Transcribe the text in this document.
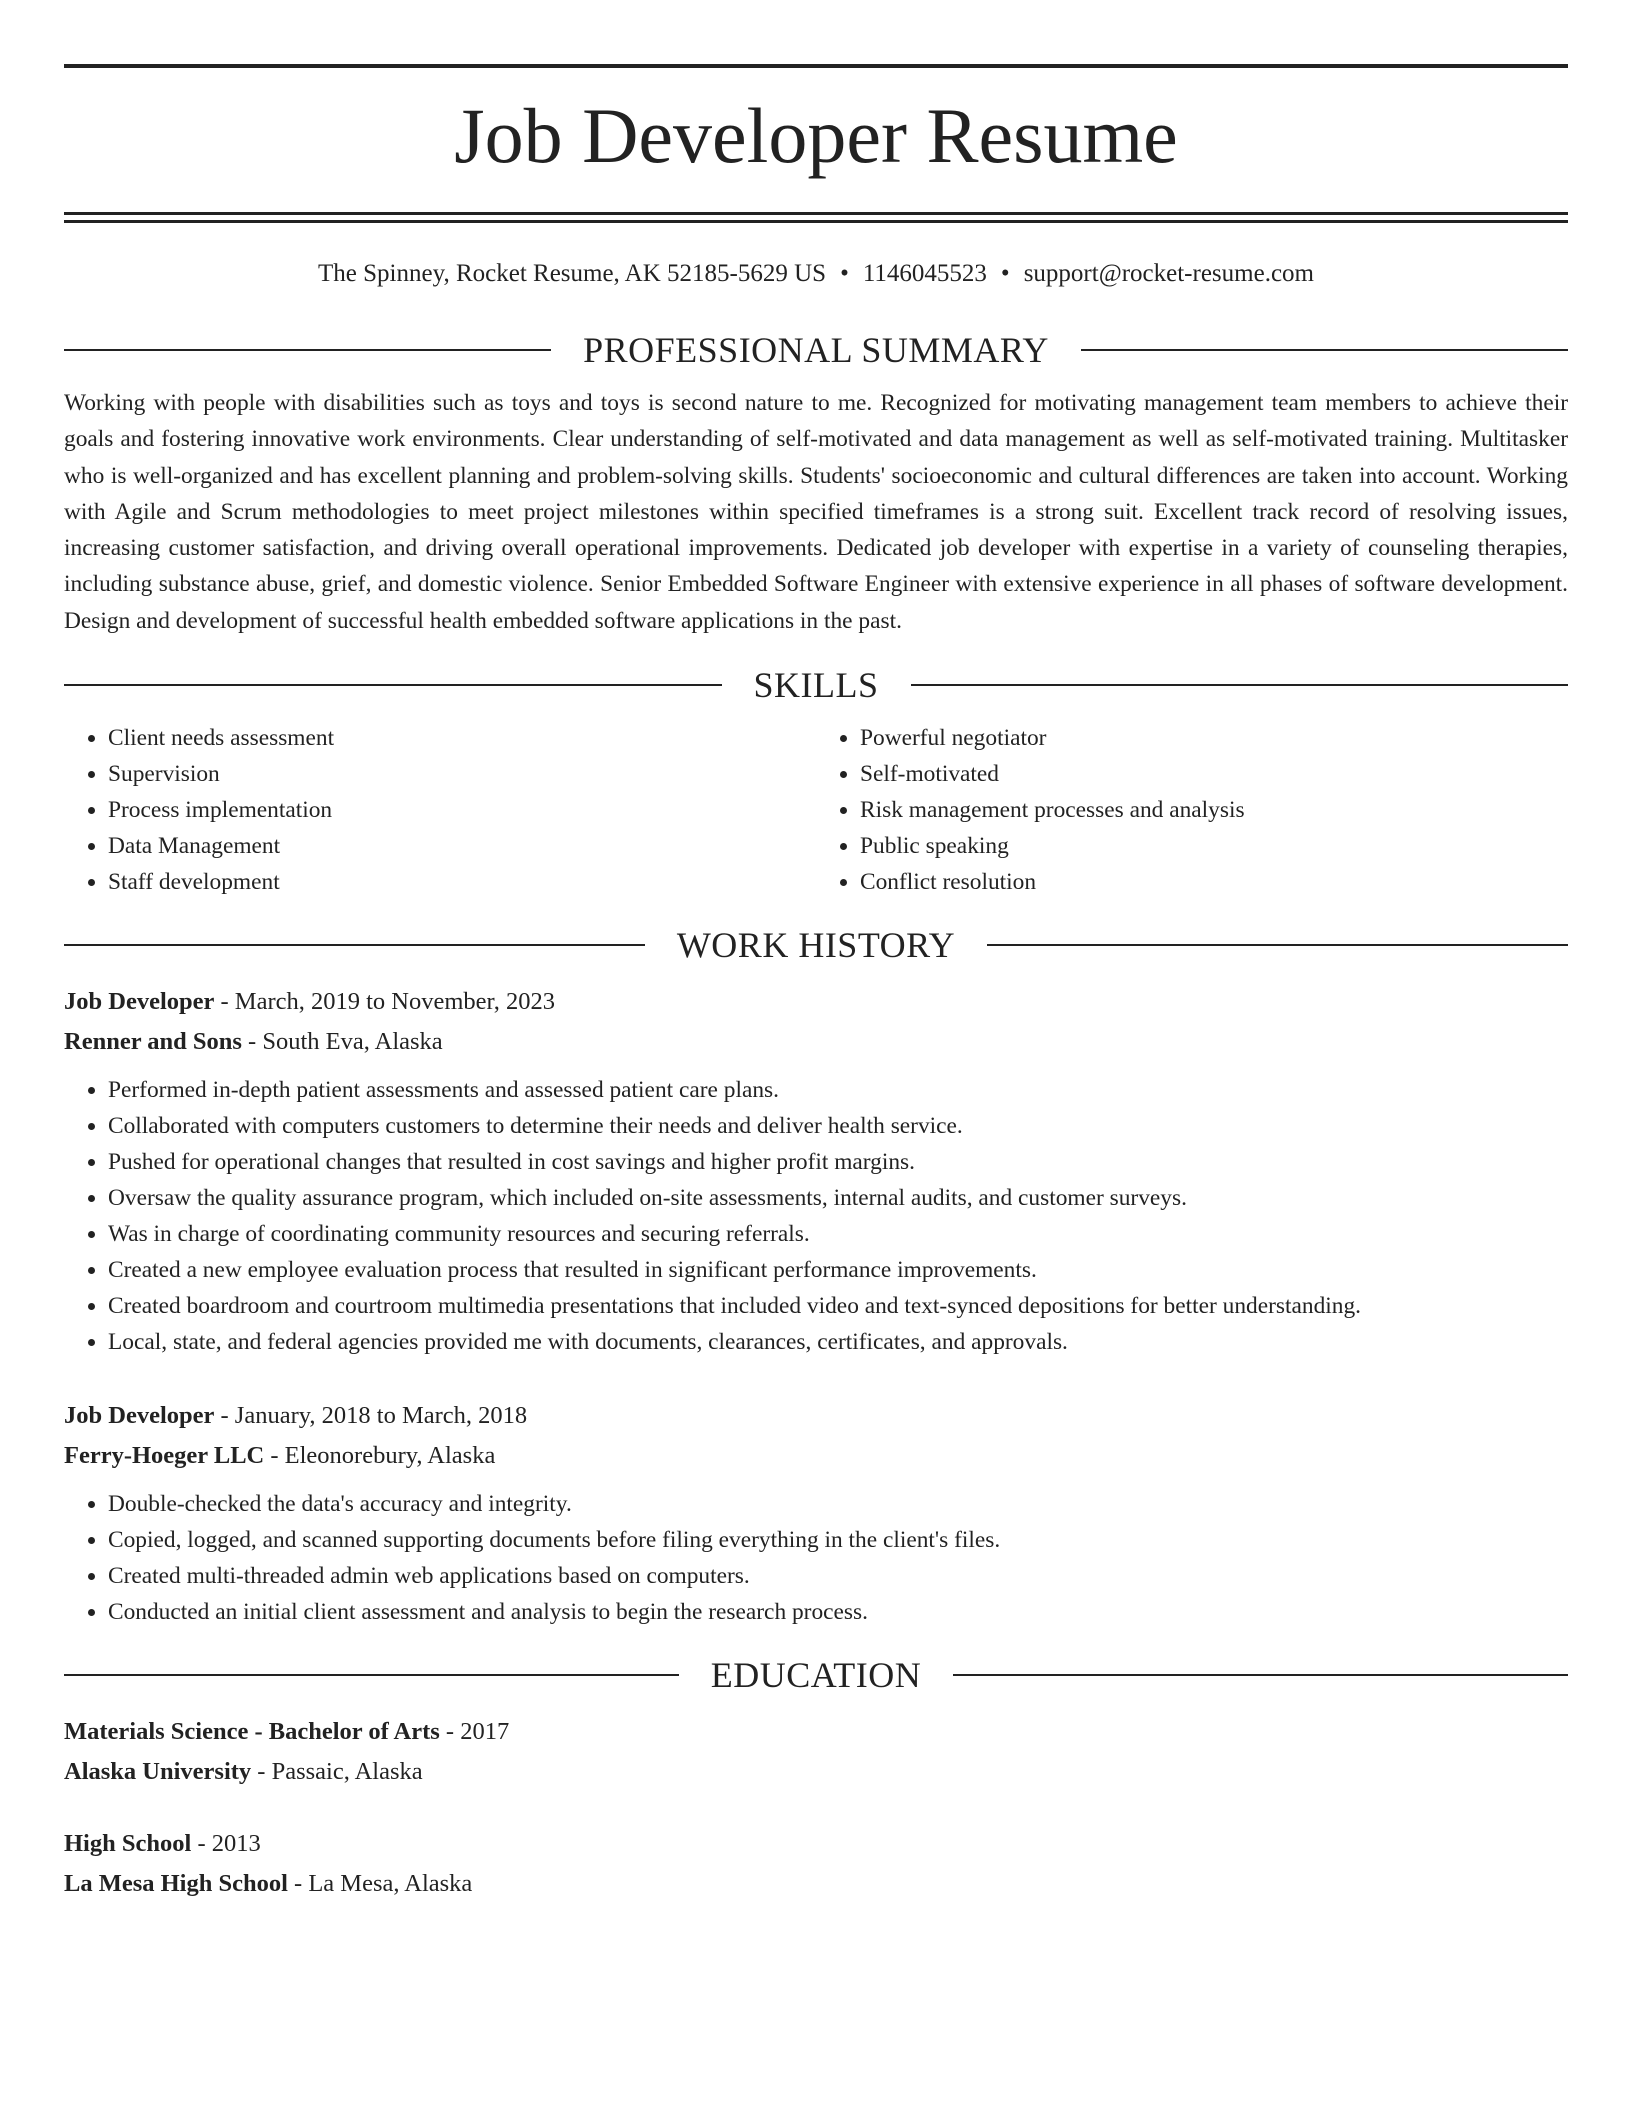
Job Developer Resume
The Spinney, Rocket Resume, AK 52185-5629 US • 1146045523 • support@rocket-resume.com
PROFESSIONAL SUMMARY

Working with people with disabilities such as toys and toys is second nature to me. Recognized for motivating management team members to achieve their goals and fostering innovative work environments. Clear understanding of self-motivated and data management as well as self-motivated training. Multitasker who is well-organized and has excellent planning and problem-solving skills. Students' socioeconomic and cultural differences are taken into account. Working with Agile and Scrum methodologies to meet project milestones within specified timeframes is a strong suit. Excellent track record of resolving issues, increasing customer satisfaction, and driving overall operational improvements. Dedicated job developer with expertise in a variety of counseling therapies, including substance abuse, grief, and domestic violence. Senior Embedded Software Engineer with extensive experience in all phases of software development. Design and development of successful health embedded software applications in the past.

SKILLS
• Client needs assessment
• Supervision
• Process implementation
• Data Management
• Staff development
• Powerful negotiator
• Self-motivated
• Risk management processes and analysis
• Public speaking
• Conflict resolution
WORK HISTORY
Job Developer - March, 2019 to November, 2023
Renner and Sons - South Eva, Alaska
• Performed in-depth patient assessments and assessed patient care plans.
• Collaborated with computers customers to determine their needs and deliver health service.
• Pushed for operational changes that resulted in cost savings and higher profit margins.
• Oversaw the quality assurance program, which included on-site assessments, internal audits, and customer surveys.
• Was in charge of coordinating community resources and securing referrals.
• Created a new employee evaluation process that resulted in significant performance improvements.
• Created boardroom and courtroom multimedia presentations that included video and text-synced depositions for better understanding.
• Local, state, and federal agencies provided me with documents, clearances, certificates, and approvals.
Job Developer - January, 2018 to March, 2018
Ferry-Hoeger LLC - Eleonorebury, Alaska
• Double-checked the data's accuracy and integrity.
• Copied, logged, and scanned supporting documents before filing everything in the client's files.
• Created multi-threaded admin web applications based on computers.
• Conducted an initial client assessment and analysis to begin the research process.
EDUCATION
Materials Science - Bachelor of Arts - 2017
Alaska University - Passaic, Alaska
High School - 2013
La Mesa High School - La Mesa, Alaska
